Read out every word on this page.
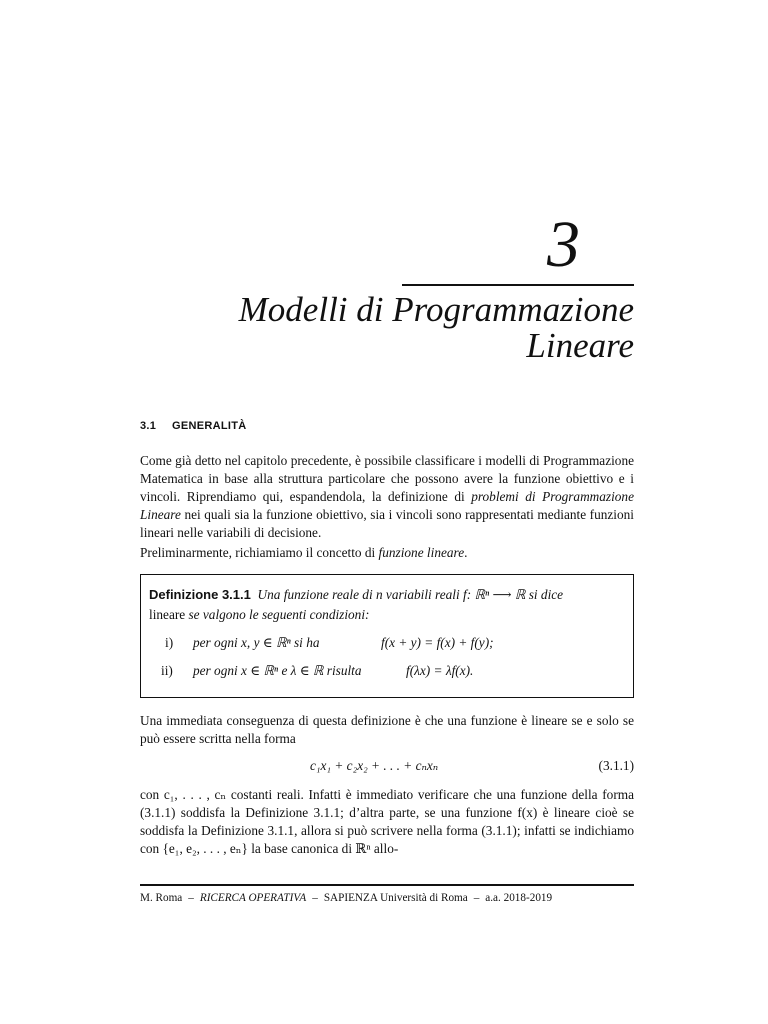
3
Modelli di Programmazione
Lineare
3.1 GENERALITÀ
Come già detto nel capitolo precedente, è possibile classificare i modelli di Programmazione Matematica in base alla struttura particolare che possono avere la funzione obiettivo e i vincoli. Riprendiamo qui, espandendola, la definizione di problemi di Programmazione Lineare nei quali sia la funzione obiettivo, sia i vincoli sono rappresentati mediante funzioni lineari nelle variabili di decisione.
Preliminarmente, richiamiamo il concetto di funzione lineare.
Definizione 3.1.1 Una funzione reale di n variabili reali f: ℝⁿ ⟶ ℝ si dice
lineare se valgono le seguenti condizioni:
i) per ogni x, y ∈ ℝⁿ si ha	f(x + y) = f(x) + f(y);
ii) per ogni x ∈ ℝⁿ e λ ∈ ℝ risulta	f(λx) = λf(x).
Una immediata conseguenza di questa definizione è che una funzione è lineare se e solo se può essere scritta nella forma
c₁x₁ + c₂x₂ + . . . + cₙxₙ	(3.1.1)
con c₁, . . . , cₙ costanti reali. Infatti è immediato verificare che una funzione della forma (3.1.1) soddisfa la Definizione 3.1.1; d’altra parte, se una funzione f(x) è lineare cioè se soddisfa la Definizione 3.1.1, allora si può scrivere nella forma (3.1.1); infatti se indichiamo con {e₁, e₂, . . . , eₙ} la base canonica di ℝⁿ allo-
M. Roma – RICERCA OPERATIVA – SAPIENZA Università di Roma – a.a. 2018-2019
